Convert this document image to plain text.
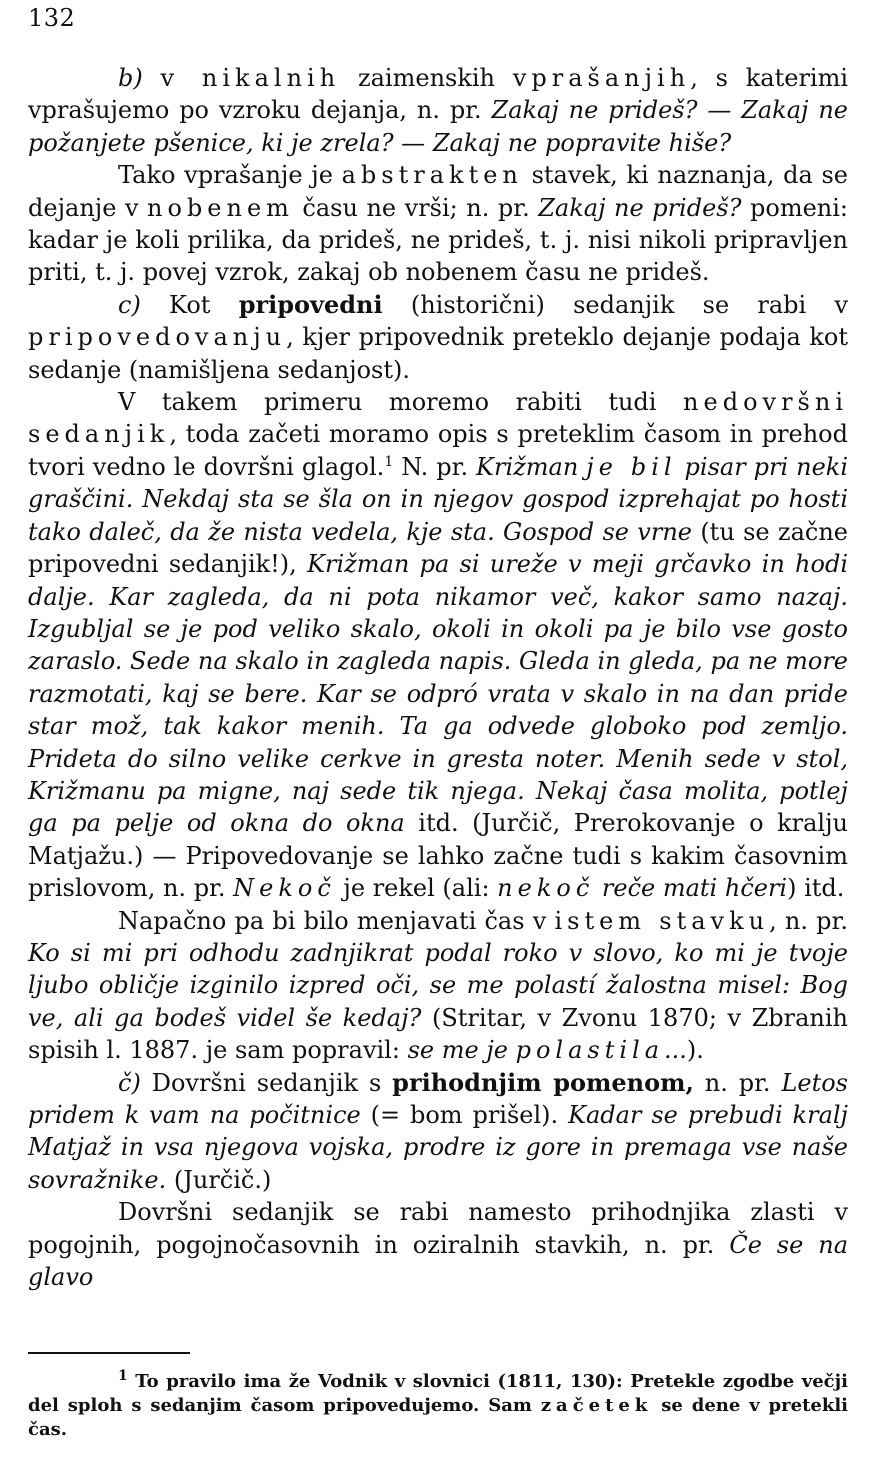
132

b) v nikalnih zaimenskih vprašanjih, s katerimi vprašujemo po vzroku dejanja, n. pr. Zakaj ne prideš? — Zakaj ne požanjete pšenice, ki je zrela? — Zakaj ne popravite hiše?

Tako vprašanje je abstrakten stavek, ki naznanja, da se dejanje v nobenem času ne vrši; n. pr. Zakaj ne prideš? pomeni: kadar je koli prilika, da prideš, ne prideš, t. j. nisi nikoli pripravljen priti, t. j. povej vzrok, zakaj ob nobenem času ne prideš.

c) Kot pripovedni (historični) sedanjik se rabi v pripovedovanju, kjer pripovednik preteklo dejanje podaja kot sedanje (namišljena sedanjost).

V takem primeru moremo rabiti tudi nedovršni sedanjik, toda začeti moramo opis s preteklim časom in prehod tvori vedno le dovršni glagol.$^1$ N. pr. Križman je bil pisar pri neki graščini. Nekdaj sta se šla on in njegov gospod izprehajat po hosti tako daleč, da že nista vedela, kje sta. Gospod se vrne (tu se začne pripovedni sedanjik!), Križman pa si ureže v meji grčavko in hodi dalje. Kar zagleda, da ni pota nikamor več, kakor samo nazaj. Izgubljal se je pod veliko skalo, okoli in okoli pa je bilo vse gosto zaraslo. Sede na skalo in zagleda napis. Gleda in gleda, pa ne more razmotati, kaj se bere. Kar se odpró vrata v skalo in na dan pride star mož, tak kakor menih. Ta ga odvede globoko pod zemljo. Prideta do silno velike cerkve in gresta noter. Menih sede v stol, Križmanu pa migne, naj sede tik njega. Nekaj časa molita, potlej ga pa pelje od okna do okna itd. (Jurčič, Prerokovanje o kralju Matjažu.) — Pripovedovanje se lahko začne tudi s kakim časovnim prislovom, n. pr. Nekoč je rekel (ali: nekoč reče mati hčeri) itd.

Napačno pa bi bilo menjavati čas v istem stavku, n. pr. Ko si mi pri odhodu zadnjikrat podal roko v slovo, ko mi je tvoje ljubo obličje izginilo izpred oči, se me polastí žalostna misel: Bog ve, ali ga bodeš videl še kedaj? (Stritar, v Zvonu 1870; v Zbranih spisih l. 1887. je sam popravil: se me je polastila...).

č) Dovršni sedanjik s prihodnjim pomenom, n. pr. Letos pridem k vam na počitnice (= bom prišel). Kadar se prebudi kralj Matjaž in vsa njegova vojska, prodre iz gore in premaga vse naše sovražnike. (Jurčič.)

Dovršni sedanjik se rabi namesto prihodnjika zlasti v pogojnih, pogojnočasovnih in oziralnih stavkih, n. pr. Če se na glavo

$^1$ To pravilo ima že Vodnik v slovnici (1811, 130): Pretekle zgodbe večji del sploh s sedanjim časom pripovedujemo. Sam začetek se dene v pretekli čas.
